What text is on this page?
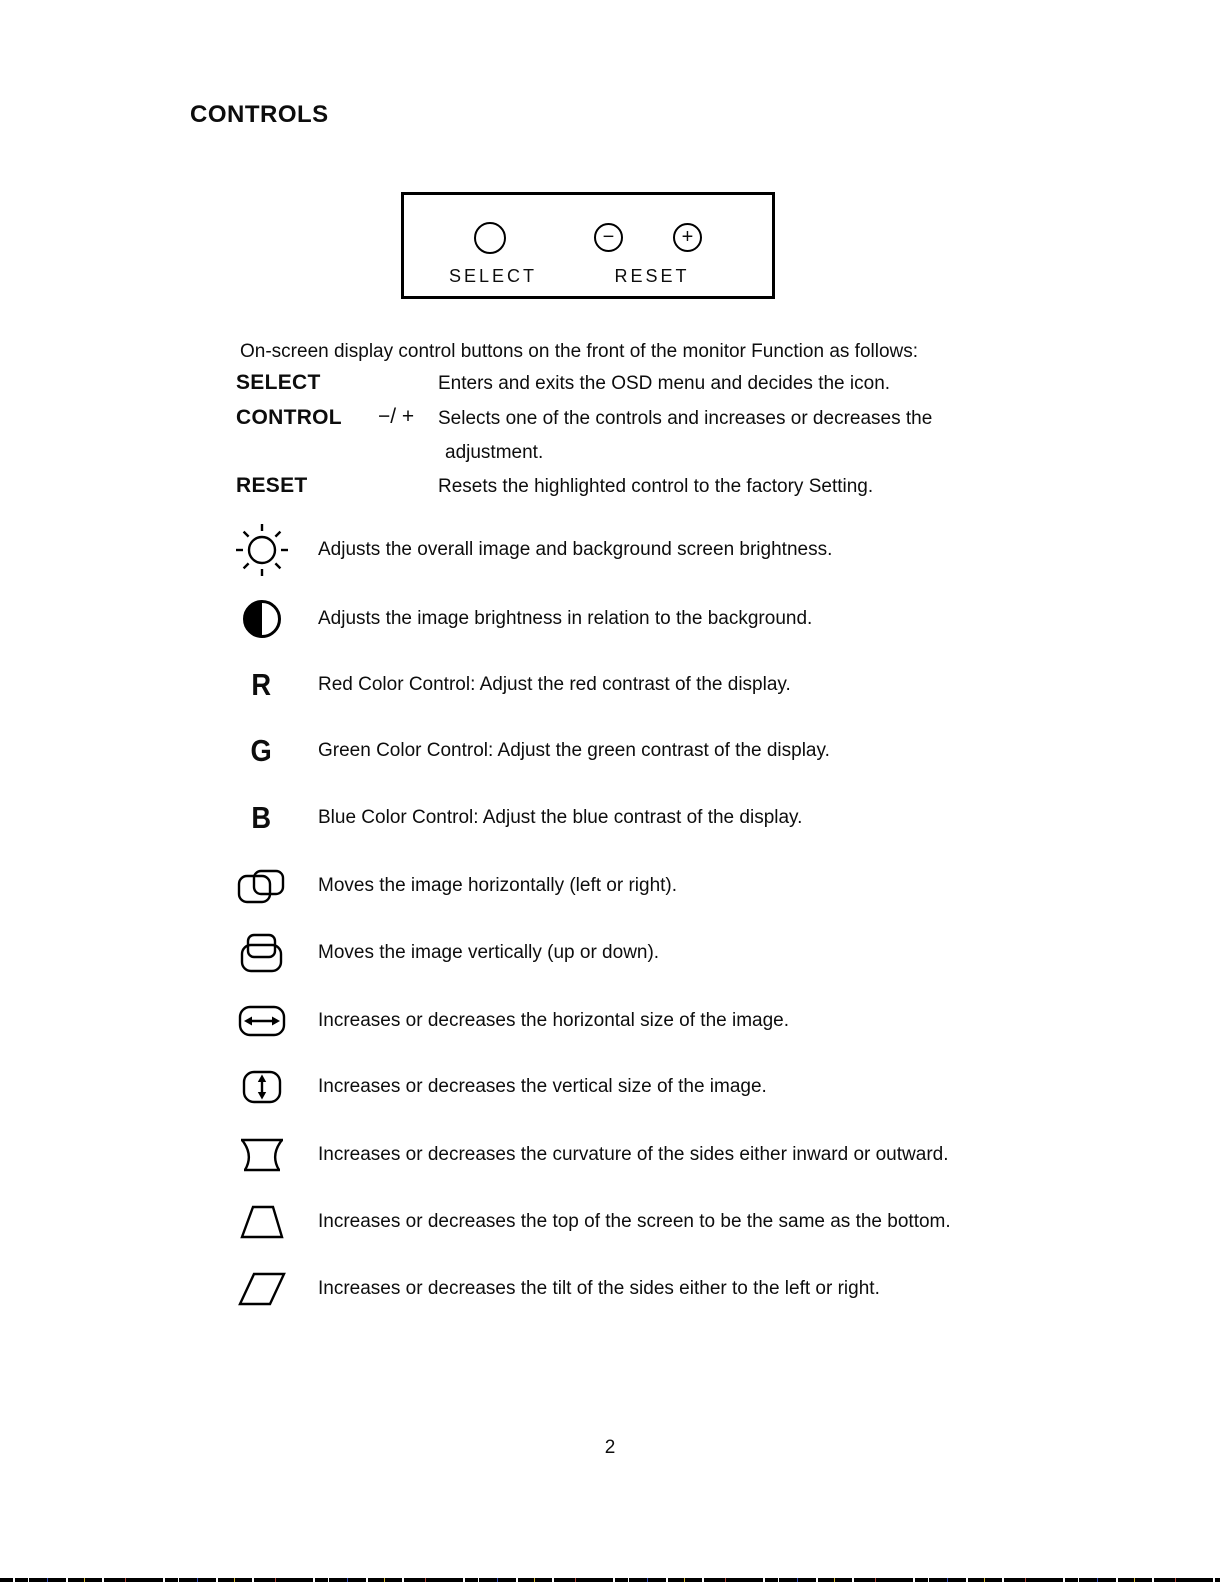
CONTROLS
−	+
SELECT	RESET

On-screen display control buttons on the front of the monitor Function as follows:

SELECT	Enters and exits the OSD menu and decides the icon.
CONTROL −/ + Selects one of the controls and increases or decreases the
adjustment.
RESET	Resets the highlighted control to the factory Setting.
Adjusts the overall image and background screen brightness.
Adjusts the image brightness in relation to the background.
R Red Color Control: Adjust the red contrast of the display.
G Green Color Control: Adjust the green contrast of the display.
B Blue Color Control: Adjust the blue contrast of the display.
Moves the image horizontally (left or right).
Moves the image vertically (up or down).
Increases or decreases the horizontal size of the image.
Increases or decreases the vertical size of the image.
Increases or decreases the curvature of the sides either inward or outward.
Increases or decreases the top of the screen to be the same as the bottom.
Increases or decreases the tilt of the sides either to the left or right.
2
